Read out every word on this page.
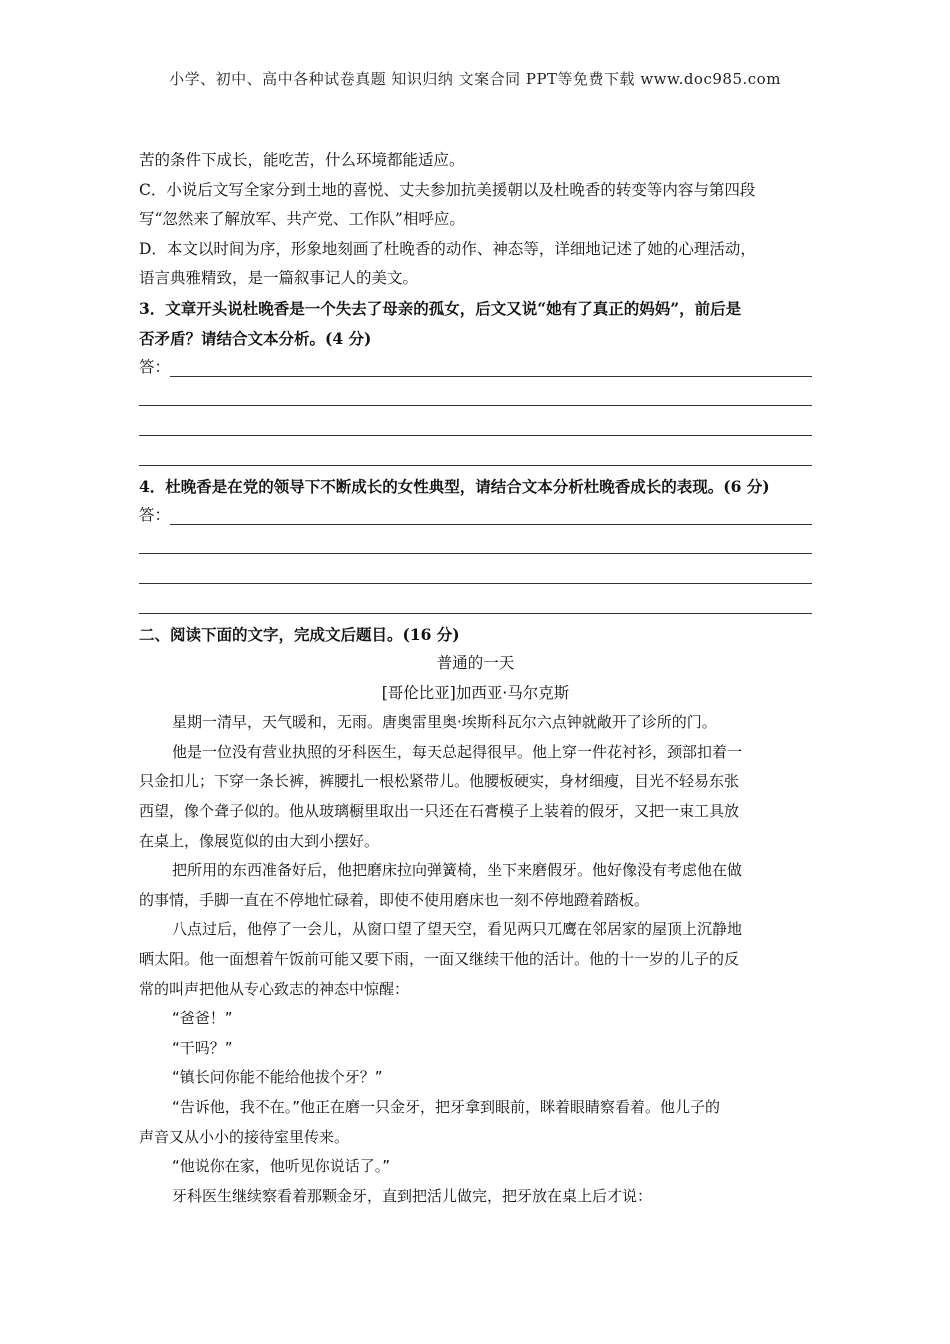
小学、初中、高中各种试卷真题 知识归纳 文案合同 PPT等免费下载 www.doc985.com
苦的条件下成长，能吃苦，什么环境都能适应。
C．小说后文写全家分到土地的喜悦、丈夫参加抗美援朝以及杜晚香的转变等内容与第四段
写“忽然来了解放军、共产党、工作队”相呼应。
D．本文以时间为序，形象地刻画了杜晚香的动作、神态等，详细地记述了她的心理活动，
语言典雅精致，是一篇叙事记人的美文。
3．文章开头说杜晚香是一个失去了母亲的孤女，后文又说“她有了真正的妈妈”，前后是
否矛盾？请结合文本分析。(4 分)
答：
4．杜晚香是在党的领导下不断成长的女性典型，请结合文本分析杜晚香成长的表现。(6 分)
答：
二、阅读下面的文字，完成文后题目。(16 分)
普通的一天
[哥伦比亚]加西亚·马尔克斯
星期一清早，天气暖和，无雨。唐奥雷里奥·埃斯科瓦尔六点钟就敞开了诊所的门。
他是一位没有营业执照的牙科医生，每天总起得很早。他上穿一件花衬衫，颈部扣着一
只金扣儿；下穿一条长裤，裤腰扎一根松紧带儿。他腰板硬实，身材细瘦，目光不轻易东张
西望，像个聋子似的。他从玻璃橱里取出一只还在石膏模子上装着的假牙，又把一束工具放
在桌上，像展览似的由大到小摆好。
把所用的东西准备好后，他把磨床拉向弹簧椅，坐下来磨假牙。他好像没有考虑他在做
的事情，手脚一直在不停地忙碌着，即使不使用磨床也一刻不停地蹬着踏板。
八点过后，他停了一会儿，从窗口望了望天空，看见两只兀鹰在邻居家的屋顶上沉静地
晒太阳。他一面想着午饭前可能又要下雨，一面又继续干他的活计。他的十一岁的儿子的反
常的叫声把他从专心致志的神态中惊醒：
“爸爸！”
“干吗？”
“镇长问你能不能给他拔个牙？”
“告诉他，我不在。”他正在磨一只金牙，把牙拿到眼前，眯着眼睛察看着。他儿子的
声音又从小小的接待室里传来。
“他说你在家，他听见你说话了。”
牙科医生继续察看着那颗金牙，直到把活儿做完，把牙放在桌上后才说：
